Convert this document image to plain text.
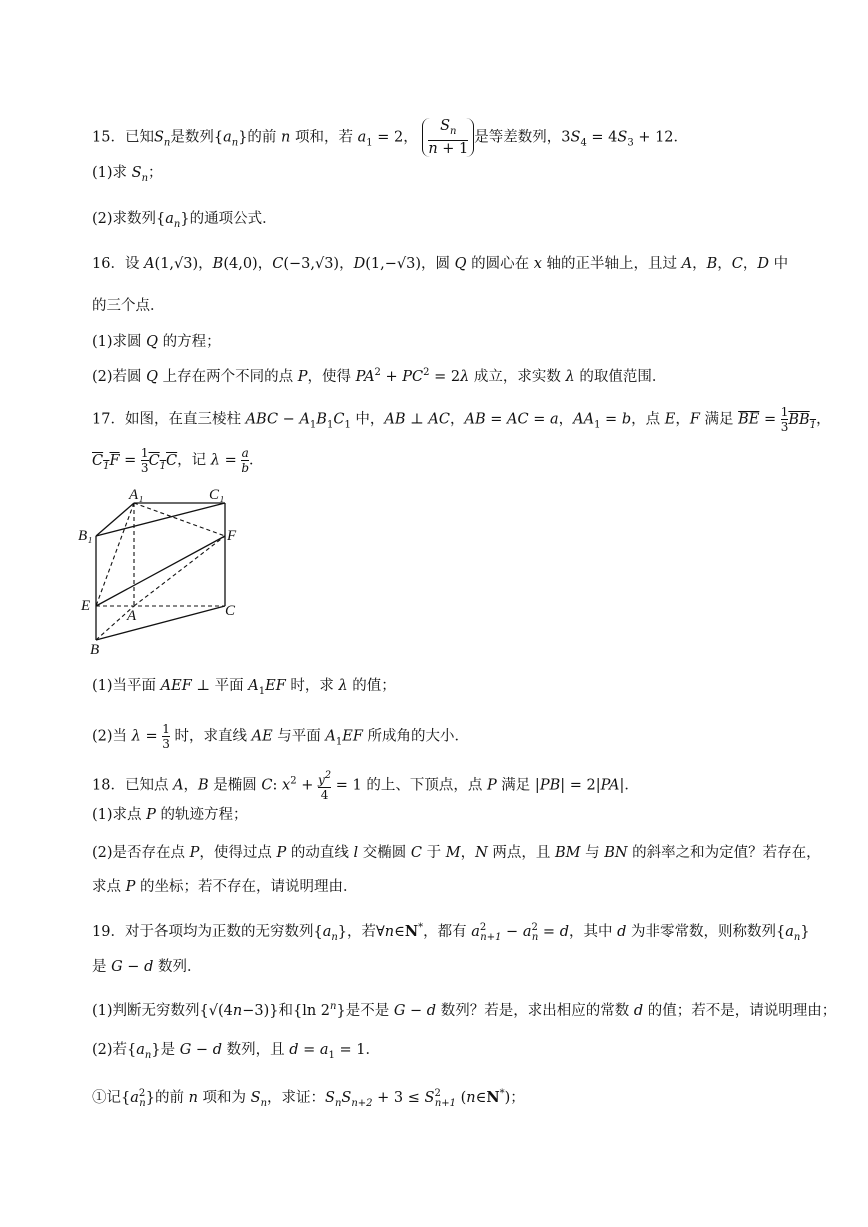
15．已知$S_n$是数列$\{a_n\}$的前 n 项和，若 $a_1 = 2$， $\frac{S_n}{n + 1}$ 是等差数列，$3S_4 = 4S_3 + 12$．
(1)求 $S_n$；
(2)求数列$\{a_n\}$的通项公式．
16．设 A(1,√3)，B(4,0)，C(−3,√3)，D(1,−√3)，圆 Q 的圆心在 x 轴的正半轴上，且过 A，B，C，D 中
的三个点．
(1)求圆 Q 的方程；
(2)若圆 Q 上存在两个不同的点 P，使得 $PA^2 + PC^2 = 2\lambda$ 成立，求实数 λ 的取值范围．
17．如图，在直三棱柱 ABC − $A_1B_1C_1$ 中，AB ⊥ AC，AB = AC = a，$AA_1 = b$，点 E，F 满足 $\overline{BE} = \frac{1}{3} BB_1$，
$C_1F = \frac{1}{3} C_1C$，记 $\lambda = \frac{a}{b}$ ．
A₁	C₁
B₁	F
E
A	C
B
(1)当平面 AEF ⊥ 平面 $A_1EF$ 时，求 λ 的值；
(2)当 $\lambda = \frac{1}{3}$ 时，求直线 AE 与平面 $A_1EF$ 所成角的大小．
18．已知点 A，B 是椭圆 C: $x^2 + \frac{y^2}{4} = 1$ 的上、下顶点，点 P 满足 |PB| = 2|PA|．
(1)求点 P 的轨迹方程；
(2)是否存在点 P，使得过点 P 的动直线 l 交椭圆 C 于 M，N 两点，且 BM 与 BN 的斜率之和为定值？若存在，
求点 P 的坐标；若不存在，请说明理由．
19．对于各项均为正数的无穷数列$\{a_n\}$，若∀n∈N*，都有 $a^2_{n+1} - a^2_n = d$，其中 d 为非零常数，则称数列$\{a_n\}$
是 G − d 数列．
(1)判断无穷数列{√(4n−3)}和{ln 2$^n$}是不是 G − d 数列？若是，求出相应的常数 d 的值；若不是，请说明理由；
(2)若$\{a_n\}$是 G − d 数列，且 $d = a_1 = 1$．
①记$\{a^2_n\}$的前 n 项和为 $S_n$，求证：$S_nS_{n+2} + 3 \le S^2_{n+1}$ (n∈N*)；
